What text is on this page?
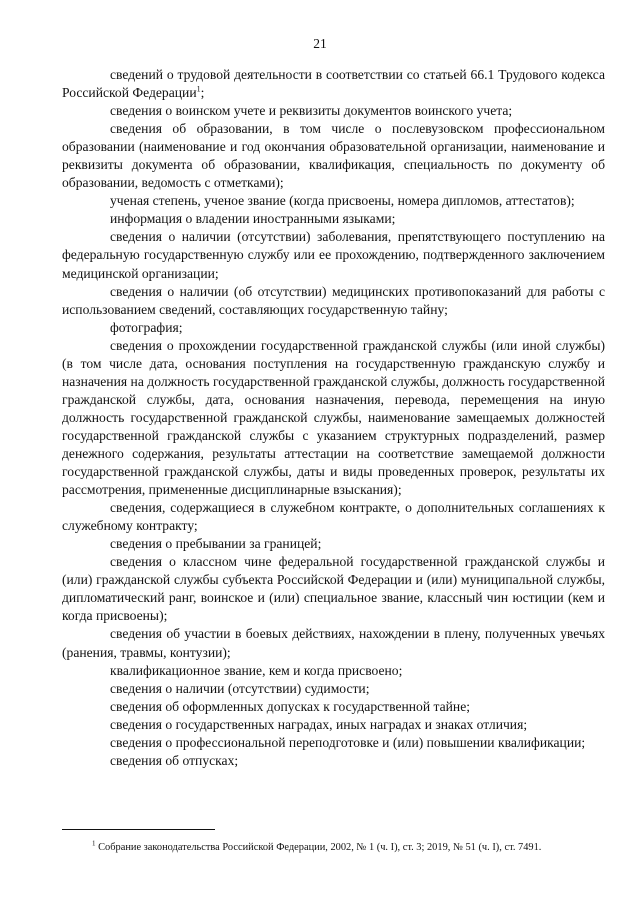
21

сведений о трудовой деятельности в соответствии со статьей 66.1 Трудового кодекса Российской Федерации$^1$;

сведения о воинском учете и реквизиты документов воинского учета;

сведения об образовании, в том числе о послевузовском профессиональном образовании (наименование и год окончания образовательной организации, наименование и реквизиты документа об образовании, квалификация, специальность по документу об образовании, ведомость с отметками);

ученая степень, ученое звание (когда присвоены, номера дипломов, аттестатов);

информация о владении иностранными языками;

сведения о наличии (отсутствии) заболевания, препятствующего поступлению на федеральную государственную службу или ее прохождению, подтвержденного заключением медицинской организации;

сведения о наличии (об отсутствии) медицинских противопоказаний для работы с использованием сведений, составляющих государственную тайну;

фотография;

сведения о прохождении государственной гражданской службы (или иной службы) (в том числе дата, основания поступления на государственную гражданскую службу и назначения на должность государственной гражданской службы, должность государственной гражданской службы, дата, основания назначения, перевода, перемещения на иную должность государственной гражданской службы, наименование замещаемых должностей государственной гражданской службы с указанием структурных подразделений, размер денежного содержания, результаты аттестации на соответствие замещаемой должности государственной гражданской службы, даты и виды проведенных проверок, результаты их рассмотрения, примененные дисциплинарные взыскания);

сведения, содержащиеся в служебном контракте, о дополнительных соглашениях к служебному контракту;

сведения о пребывании за границей;

сведения о классном чине федеральной государственной гражданской службы и (или) гражданской службы субъекта Российской Федерации и (или) муниципальной службы, дипломатический ранг, воинское и (или) специальное звание, классный чин юстиции (кем и когда присвоены);

сведения об участии в боевых действиях, нахождении в плену, полученных увечьях (ранения, травмы, контузии);

квалификационное звание, кем и когда присвоено;

сведения о наличии (отсутствии) судимости;

сведения об оформленных допусках к государственной тайне;

сведения о государственных наградах, иных наградах и знаках отличия;

сведения о профессиональной переподготовке и (или) повышении квалификации;

сведения об отпусках;

$^1$ Собрание законодательства Российской Федерации, 2002, № 1 (ч. I), ст. 3; 2019, № 51 (ч. I), ст. 7491.
